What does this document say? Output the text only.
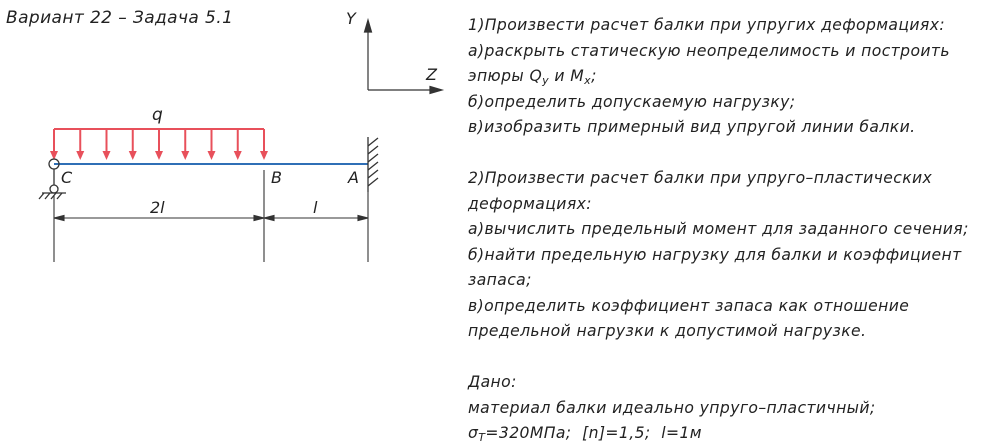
Вариант 22 – Задача 5.1	Y
Z
q
C	B	A
2l	l
1)Произвести расчет балки при упругих деформациях:
а)раскрыть статическую неопределимость и построить
эпюры $Q_y$ и $M_x$;
б)определить допускаемую нагрузку;
в)изобразить примерный вид упругой линии балки.
2)Произвести расчет балки при упруго–пластических
деформациях:
а)вычислить предельный момент для заданного сечения;
б)найти предельную нагрузку для балки и коэффициент
запаса;
в)определить коэффициент запаса как отношение
предельной нагрузки к допустимой нагрузке.
Дано:
материал балки идеально упруго–пластичный;
$\sigma_T=320МПа$; [n]=1,5; l=1м
